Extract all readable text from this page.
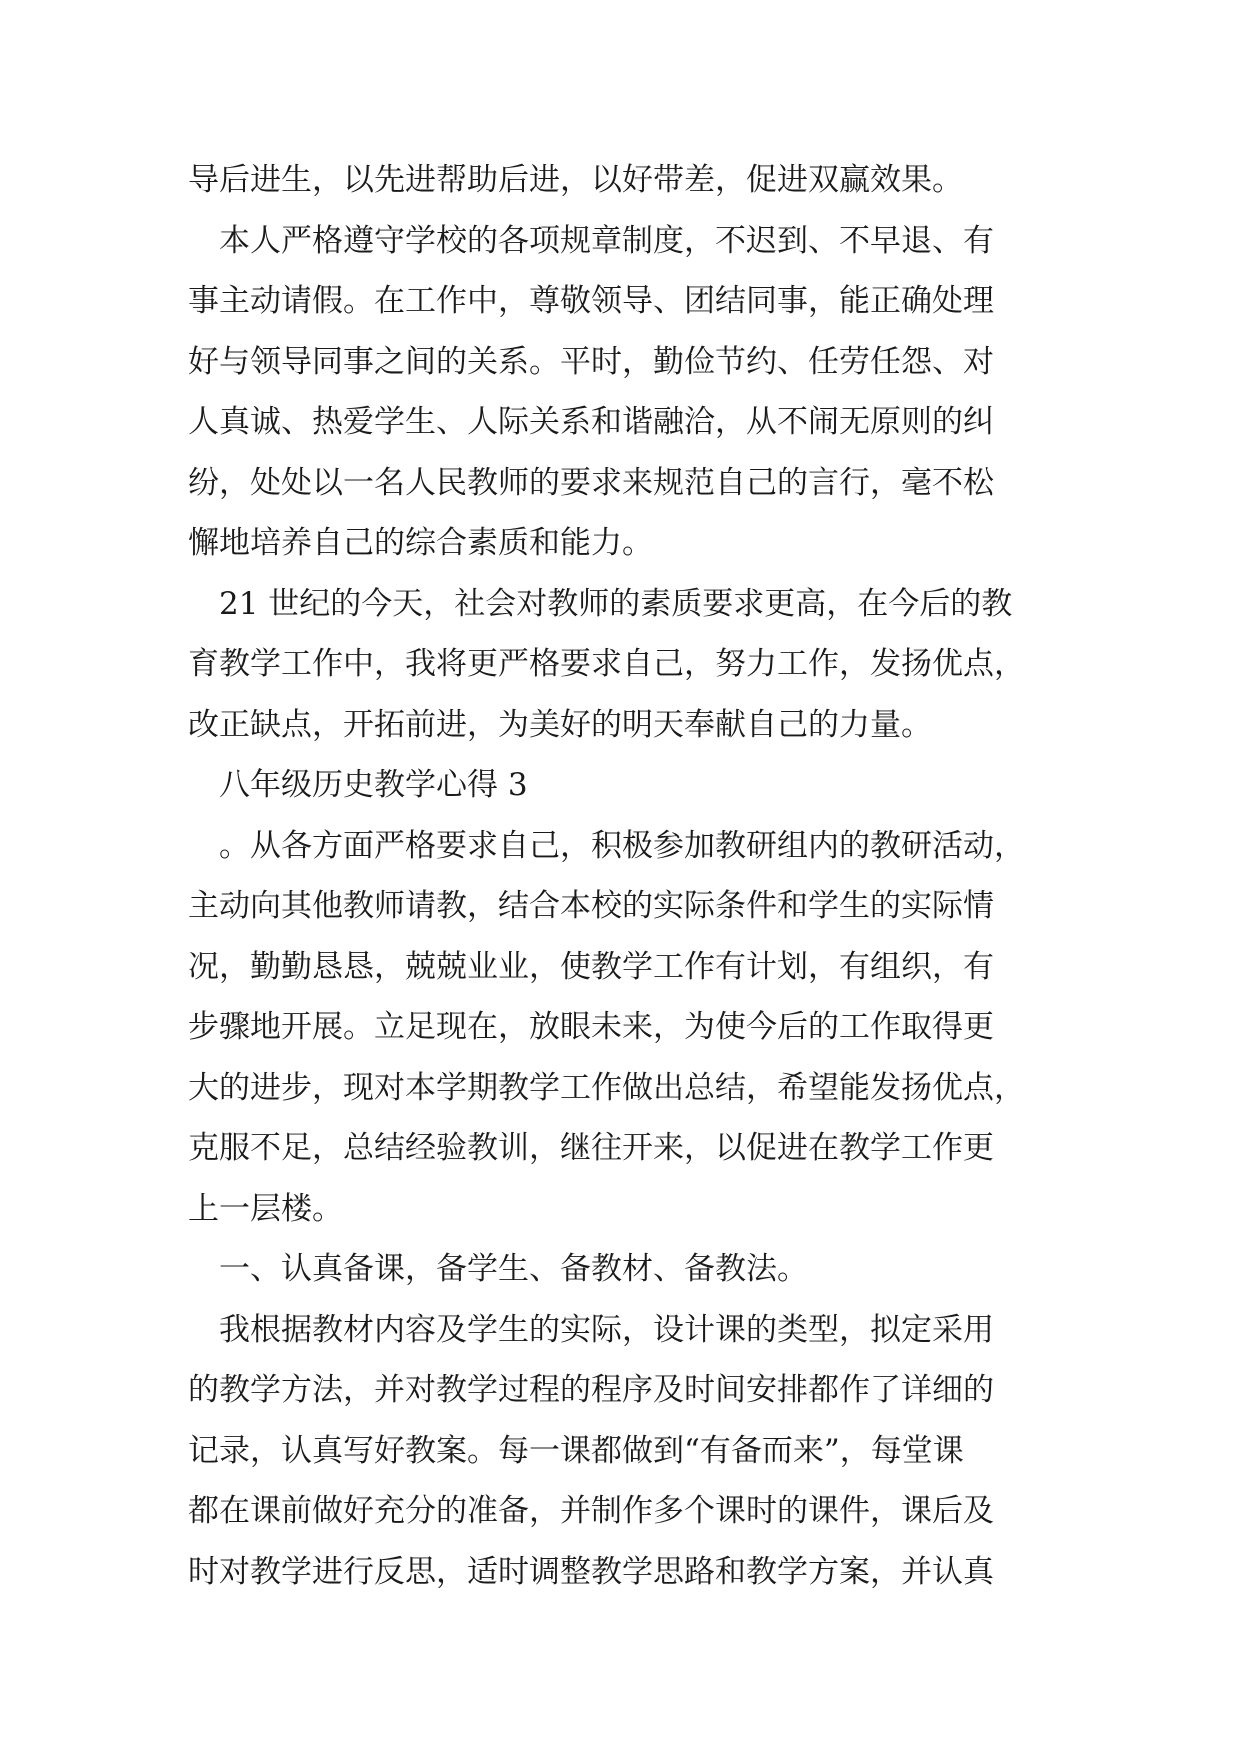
导后进生，以先进帮助后进，以好带差，促进双赢效果。
本人严格遵守学校的各项规章制度，不迟到、不早退、有
事主动请假。在工作中，尊敬领导、团结同事，能正确处理
好与领导同事之间的关系。平时，勤俭节约、任劳任怨、对
人真诚、热爱学生、人际关系和谐融洽，从不闹无原则的纠
纷，处处以一名人民教师的要求来规范自己的言行，毫不松
懈地培养自己的综合素质和能力。
21 世纪的今天，社会对教师的素质要求更高，在今后的教
育教学工作中，我将更严格要求自己，努力工作，发扬优点，
改正缺点，开拓前进，为美好的明天奉献自己的力量。
八年级历史教学心得 3
。从各方面严格要求自己，积极参加教研组内的教研活动，
主动向其他教师请教，结合本校的实际条件和学生的实际情
况，勤勤恳恳，兢兢业业，使教学工作有计划，有组织，有
步骤地开展。立足现在，放眼未来，为使今后的工作取得更
大的进步，现对本学期教学工作做出总结，希望能发扬优点，
克服不足，总结经验教训，继往开来，以促进在教学工作更
上一层楼。
一、认真备课，备学生、备教材、备教法。
我根据教材内容及学生的实际，设计课的类型，拟定采用
的教学方法，并对教学过程的程序及时间安排都作了详细的
记录，认真写好教案。每一课都做到“有备而来”，每堂课
都在课前做好充分的准备，并制作多个课时的课件，课后及
时对教学进行反思，适时调整教学思路和教学方案，并认真
